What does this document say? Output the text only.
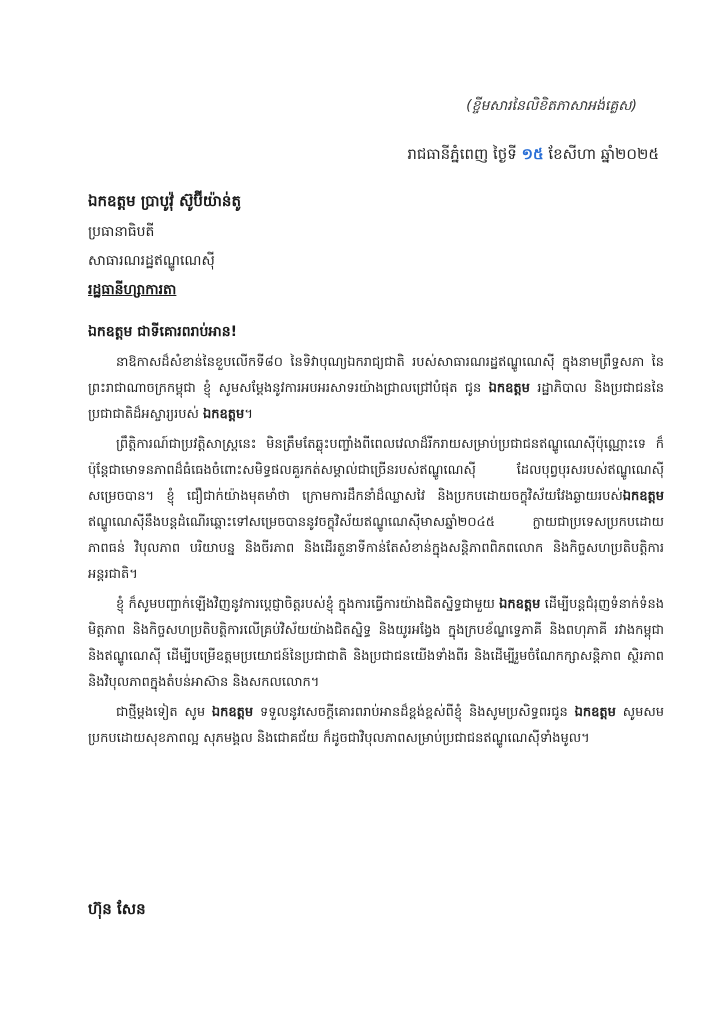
(ខ្ចីមសារនៃលិខិតភាសាអង់គ្លេស)
រាជធានីភ្នំពេញ ថ្ងៃទី ១៥ ខែសីហា ឆ្នាំ២០២៥
ឯកឧត្តម ប្រាបូវ៉ុ ស៊ូប៊ីយ៉ាន់តូ
ប្រធានាធិបតី
សាធារណរដ្ឋឥណ្ឌូណេស៊ី
រដ្ឋធានីហ្សាការតា
ឯកឧត្តម ជាទីគោរពរាប់អាន!

នាឱកាសដ៏សំខាន់នៃខួបលើកទី៨០ នៃទិវាបុណ្យឯករាជ្យជាតិ របស់សាធារណរដ្ឋឥណ្ឌូណេស៊ី ក្នុងនាមព្រឹទ្ធសភា នៃព្រះរាជាណាចក្រកម្ពុជា ខ្ញុំ សូមសម្ដែងនូវការអបអរសាទរយ៉ាងជ្រាលជ្រៅបំផុត ជូន ឯកឧត្តម រដ្ឋាភិបាល និងប្រជាជននៃប្រជាជាតិដ៏អស្ចារ្យរបស់ ឯកឧត្តម។

ព្រឹត្តិការណ៍ជាប្រវត្តិសាស្ត្រនេះ មិនត្រឹមតែឆ្លុះបញ្ចាំងពីពេលវេលាដ៏រីករាយសម្រាប់ប្រជាជនឥណ្ឌូណេស៊ីប៉ុណ្ណោះទេ ក៏ប៉ុន្តែជាមោទនភាពដ៏ធំធេងចំពោះសមិទ្ធផលគួរកត់សម្គាល់ជាច្រើនរបស់ឥណ្ឌូណេស៊ី ដែលបុព្វបុរសរបស់ឥណ្ឌូណេស៊ីសម្រេចបាន។ ខ្ញុំ ជឿជាក់យ៉ាងមុតមាំថា ក្រោមការដឹកនាំដ៏ឈ្លាសវៃ និងប្រកបដោយចក្ខុវិស័យវែងឆ្ងាយរបស់ឯកឧត្តម ឥណ្ឌូណេស៊ីនឹងបន្តដំណើរឆ្ពោះទៅសម្រេចបាននូវចក្ខុវិស័យឥណ្ឌូណេស៊ីមាសឆ្នាំ២០៤៥ ក្លាយជាប្រទេសប្រកបដោយភាពធន់ វិបុលភាព បរិយាបន្ន និងចីរភាព និងដើរតួនាទីកាន់តែសំខាន់ក្នុងសន្តិភាពពិភពលោក និងកិច្ចសហប្រតិបត្តិការអន្តរជាតិ។

ខ្ញុំ ក៏សូមបញ្ជាក់ឡើងវិញនូវការប្ដេជ្ញាចិត្តរបស់ខ្ញុំ ក្នុងការធ្វើការយ៉ាងជិតស្និទ្ធជាមួយ ឯកឧត្តម ដើម្បីបន្តជំរុញទំនាក់ទំនងមិត្តភាព និងកិច្ចសហប្រតិបត្តិការលើគ្រប់វិស័យយ៉ាងជិតស្និទ្ធ និងយូរអង្វែង ក្នុងក្របខ័ណ្ឌទ្វេភាគី និងពហុភាគី រវាងកម្ពុជា និងឥណ្ឌូណេស៊ី ដើម្បីបម្រើឧត្តមប្រយោជន៍នៃប្រជាជាតិ និងប្រជាជនយើងទាំងពីរ និងដើម្បីរួមចំណែកក្សាសន្តិភាព ស្ថិរភាព និងវិបុលភាពក្នុងតំបន់អាស៊ាន និងសកលលោក។

ជាថ្មីម្ដងទៀត សូម ឯកឧត្តម ទទួលនូវសេចក្ដីគោរពរាប់អានដ៏ខ្ពង់ខ្ពស់ពីខ្ញុំ និងសូមប្រសិទ្ធពរជូន ឯកឧត្តម សូមសមប្រកបដោយសុខភាពល្អ សុភមង្គល និងជោគជ័យ ក៏ដូចជាវិបុលភាពសម្រាប់ប្រជាជនឥណ្ឌូណេស៊ីទាំងមូល។

ហ៊ុន សែន
